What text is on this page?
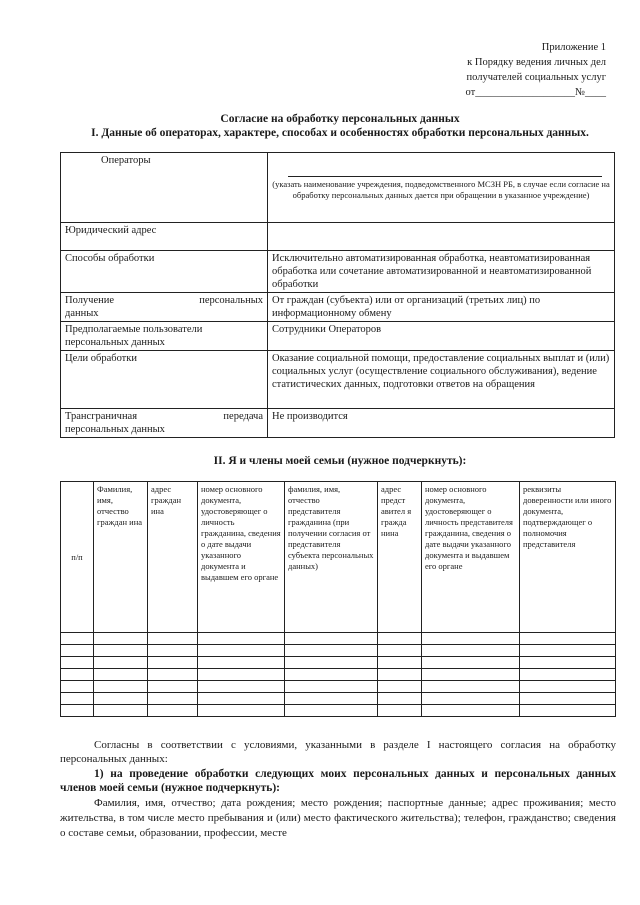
Приложение 1
к Порядку ведения личных дел
получателей социальных услуг
от___________________№____
Согласие на обработку персональных данных
I. Данные об операторах, характере, способах и особенностях обработки персональных данных.
Операторы	(указать наименование учреждения, подведомственного МСЗН РБ, в случае если согласие на обработку персональных данных дается при обращении в указанное учреждение)

Юридический адрес	
Способы обработки	Исключительно автоматизированная обработка, неавтоматизированная обработка или сочетание автоматизированной и неавтоматизированной обработки

Получение персональных
данных	От граждан (субъекта) или от организаций (третьих лиц) по информационному обмену
Предполагаемые пользователи персональных данных	Сотрудники Операторов
Цели обработки	Оказание социальной помощи, предоставление социальных выплат и (или) социальных услуг (осуществление социального обслуживания), ведение статистических данных, подготовки ответов на обращения

Трансграничная передача
персональных данных	Не производится
II. Я и члены моей семьи (нужное подчеркнуть):
п/п	Фамилия, имя, отчество граждан ина	адрес граждан ина	номер основного документа, удостоверяющег о личность гражданина, сведения о дате выдачи указанного документа и выдавшем его органе	фамилия, имя, отчество представителя гражданина (при получении согласия от представителя субъекта персональных данных)	адрес предст авител я гражда нина	номер основного документа, удостоверяющег о личность представителя гражданина, сведения о дате выдачи указанного документа и выдавшем его органе	реквизиты доверенности или иного документа, подтверждающег о полномочия представителя

Согласны в соответствии с условиями, указанными в разделе I настоящего согласия на обработку персональных данных:
1) на проведение обработки следующих моих персональных данных и персональных данных членов моей семьи (нужное подчеркнуть):
Фамилия, имя, отчество; дата рождения; место рождения; паспортные данные; адрес проживания; место жительства, в том числе место пребывания и (или) место фактического жительства); телефон, гражданство; сведения о составе семьи, образовании, профессии, месте
